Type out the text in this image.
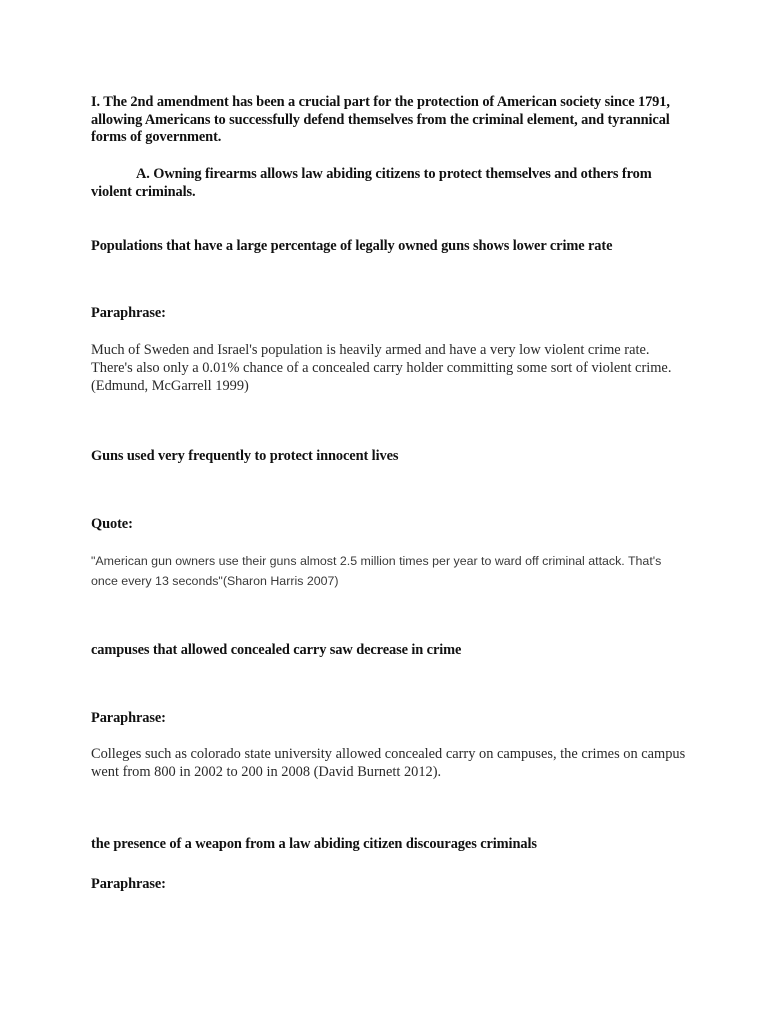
I. The 2nd amendment has been a crucial part for the protection of American society since 1791, allowing Americans to successfully defend themselves from the criminal element, and tyrannical forms of government.

A. Owning firearms allows law abiding citizens to protect themselves and others from violent criminals.

Populations that have a large percentage of legally owned guns shows lower crime rate

Paraphrase:

Much of Sweden and Israel's population is heavily armed and have a very low violent crime rate. There's also only a 0.01% chance of a concealed carry holder committing some sort of violent crime. (Edmund, McGarrell 1999)

Guns used very frequently to protect innocent lives

Quote:

"American gun owners use their guns almost 2.5 million times per year to ward off criminal attack. That's once every 13 seconds"(Sharon Harris 2007)

campuses that allowed concealed carry saw decrease in crime

Paraphrase:

Colleges such as colorado state university allowed concealed carry on campuses, the crimes on campus went from 800 in 2002 to 200 in 2008 (David Burnett 2012).

the presence of a weapon from a law abiding citizen discourages criminals

Paraphrase:
